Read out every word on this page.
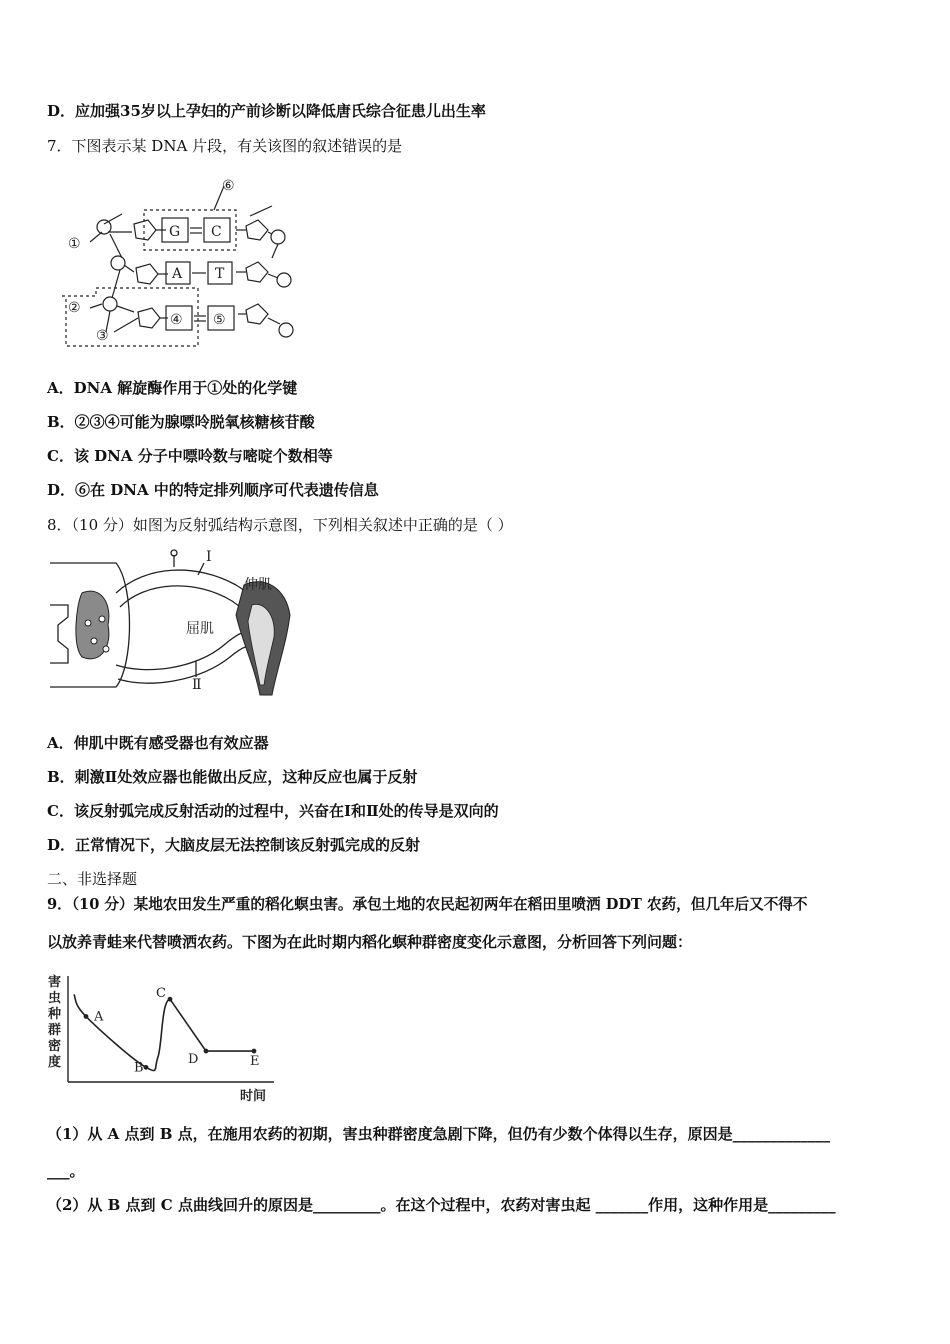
D．应加强35岁以上孕妇的产前诊断以降低唐氏综合征患儿出生率
7．下图表示某 DNA 片段，有关该图的叙述错误的是
⑥
①
②
③
G C
A T
④ ⑤
A．DNA 解旋酶作用于①处的化学键
B．②③④可能为腺嘌呤脱氧核糖核苷酸
C．该 DNA 分子中嘌呤数与嘧啶个数相等
D．⑥在 DNA 中的特定排列顺序可代表遗传信息
8．（10 分）如图为反射弧结构示意图，下列相关叙述中正确的是（ ）
I
伸肌
屈肌
Ⅱ
A．伸肌中既有感受器也有效应器
B．刺激Ⅱ处效应器也能做出反应，这种反应也属于反射
C．该反射弧完成反射活动的过程中，兴奋在Ⅰ和Ⅱ处的传导是双向的
D．正常情况下，大脑皮层无法控制该反射弧完成的反射
二、非选择题
9．（10 分）某地农田发生严重的稻化螟虫害。承包土地的农民起初两年在稻田里喷洒 DDT 农药，但几年后又不得不
以放养青蛙来代替喷洒农药。下图为在此时期内稻化螟种群密度变化示意图，分析回答下列问题：
害
虫
种
群
密
度
A
B
C
D	E
时间
（1）从 A 点到 B 点，在施用农药的初期，害虫种群密度急剧下降，但仍有少数个体得以生存，原因是_____________
___。
（2）从 B 点到 C 点曲线回升的原因是_________。在这个过程中，农药对害虫起 _______作用，这种作用是_________
